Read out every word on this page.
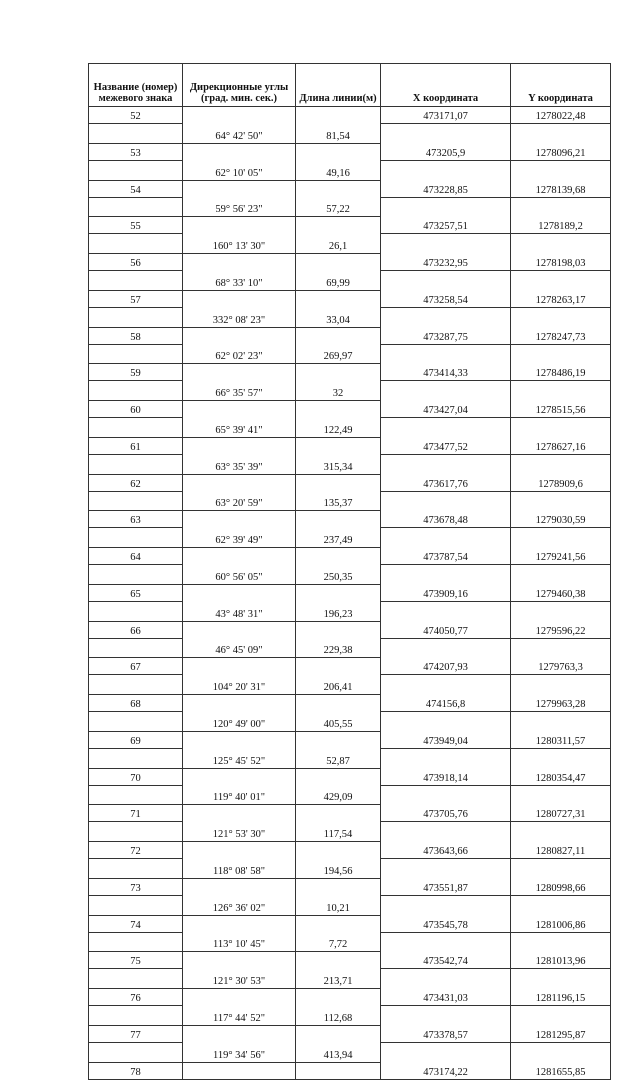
Название (номер) межевого знака	Дирекционные углы (град. мин. сек.)	Длина линии(м)	X координата	Y координата
52			473171,07	1278022,48
	64° 42' 50"	81,54		
53			473205,9	1278096,21
	62° 10' 05"	49,16		
54			473228,85	1278139,68
	59° 56' 23"	57,22		
55			473257,51	1278189,2
	160° 13' 30"	26,1		
56			473232,95	1278198,03
	68° 33' 10"	69,99		
57			473258,54	1278263,17
	332° 08' 23"	33,04		
58			473287,75	1278247,73
	62° 02' 23"	269,97		
59			473414,33	1278486,19
	66° 35' 57"	32		
60			473427,04	1278515,56
	65° 39' 41"	122,49		
61			473477,52	1278627,16
	63° 35' 39"	315,34		
62			473617,76	1278909,6
	63° 20' 59"	135,37		
63			473678,48	1279030,59
	62° 39' 49"	237,49		
64			473787,54	1279241,56
	60° 56' 05"	250,35		
65			473909,16	1279460,38
	43° 48' 31"	196,23		
66			474050,77	1279596,22
	46° 45' 09"	229,38		
67			474207,93	1279763,3
	104° 20' 31"	206,41		
68			474156,8	1279963,28
	120° 49' 00"	405,55		
69			473949,04	1280311,57
	125° 45' 52"	52,87		
70			473918,14	1280354,47
	119° 40' 01"	429,09		
71			473705,76	1280727,31
	121° 53' 30"	117,54		
72			473643,66	1280827,11
	118° 08' 58"	194,56		
73			473551,87	1280998,66
	126° 36' 02"	10,21		
74			473545,78	1281006,86
	113° 10' 45"	7,72		
75			473542,74	1281013,96
	121° 30' 53"	213,71		
76			473431,03	1281196,15
	117° 44' 52"	112,68		
77			473378,57	1281295,87
	119° 34' 56"	413,94		
78			473174,22	1281655,85
